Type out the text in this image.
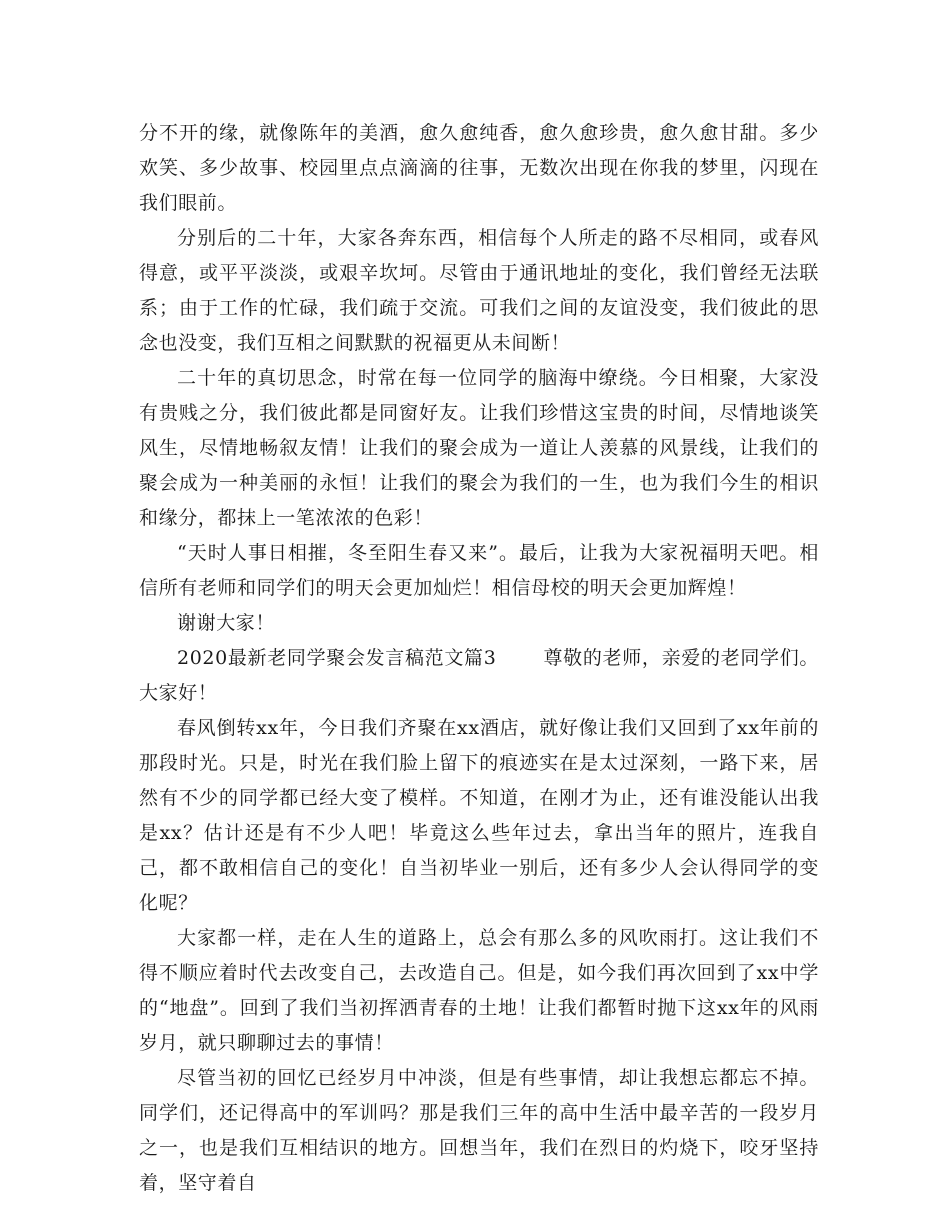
分不开的缘，就像陈年的美酒，愈久愈纯香，愈久愈珍贵，愈久愈甘甜。多少欢笑、多少故事、校园里点点滴滴的往事，无数次出现在你我的梦里，闪现在我们眼前。

分别后的二十年，大家各奔东西，相信每个人所走的路不尽相同，或春风得意，或平平淡淡，或艰辛坎坷。尽管由于通讯地址的变化，我们曾经无法联系；由于工作的忙碌，我们疏于交流。可我们之间的友谊没变，我们彼此的思念也没变，我们互相之间默默的祝福更从未间断！

二十年的真切思念，时常在每一位同学的脑海中缭绕。今日相聚，大家没有贵贱之分，我们彼此都是同窗好友。让我们珍惜这宝贵的时间，尽情地谈笑风生，尽情地畅叙友情！让我们的聚会成为一道让人羡慕的风景线，让我们的聚会成为一种美丽的永恒！让我们的聚会为我们的一生，也为我们今生的相识和缘分，都抹上一笔浓浓的色彩！

“天时人事日相摧，冬至阳生春又来”。最后，让我为大家祝福明天吧。相信所有老师和同学们的明天会更加灿烂！相信母校的明天会更加辉煌！

谢谢大家！

2020最新老同学聚会发言稿范文篇3 尊敬的老师，亲爱的老同学们。大家好！

春风倒转xx年，今日我们齐聚在xx酒店，就好像让我们又回到了xx年前的那段时光。只是，时光在我们脸上留下的痕迹实在是太过深刻，一路下来，居然有不少的同学都已经大变了模样。不知道，在刚才为止，还有谁没能认出我是xx？估计还是有不少人吧！毕竟这么些年过去，拿出当年的照片，连我自己，都不敢相信自己的变化！自当初毕业一别后，还有多少人会认得同学的变化呢？

大家都一样，走在人生的道路上，总会有那么多的风吹雨打。这让我们不得不顺应着时代去改变自己，去改造自己。但是，如今我们再次回到了xx中学的“地盘”。回到了我们当初挥洒青春的土地！让我们都暂时抛下这xx年的风雨岁月，就只聊聊过去的事情！

尽管当初的回忆已经岁月中冲淡，但是有些事情，却让我想忘都忘不掉。同学们，还记得高中的军训吗？那是我们三年的高中生活中最辛苦的一段岁月之一，也是我们互相结识的地方。回想当年，我们在烈日的灼烧下，咬牙坚持着，坚守着自
